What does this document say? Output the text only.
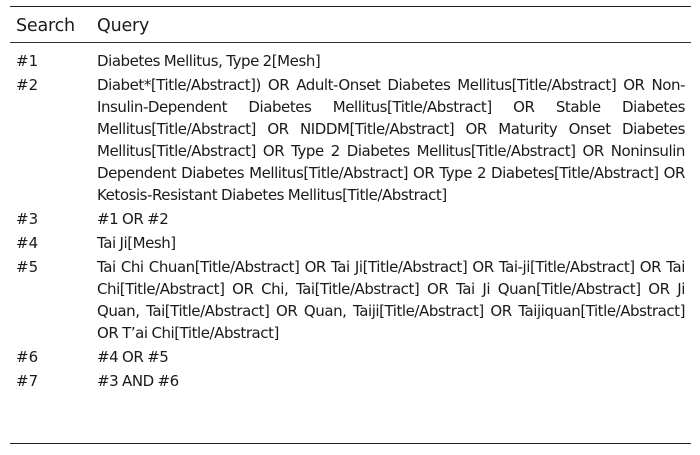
Search Query
#1	Diabetes Mellitus, Type 2[Mesh]
#2	Diabet*[Title/Abstract]) OR Adult-Onset Diabetes Mellitus[Title/Abstract] OR Non-Insulin-Dependent Diabetes Mellitus[Title/Abstract] OR Stable Diabetes Mellitus[Title/Abstract] OR NIDDM[Title/Abstract] OR Maturity Onset Diabetes Mellitus[Title/Abstract] OR Type 2 Diabetes Mellitus[Title/Abstract] OR Noninsulin Dependent Diabetes Mellitus[Title/Abstract] OR Type 2 Diabetes[Title/Abstract] OR Ketosis-Resistant Diabetes Mellitus[Title/Abstract]
#3	#1 OR #2
#4	Tai Ji[Mesh]
#5	Tai Chi Chuan[Title/Abstract] OR Tai Ji[Title/Abstract] OR Tai-ji[Title/Abstract] OR Tai Chi[Title/Abstract] OR Chi, Tai[Title/Abstract] OR Tai Ji Quan[Title/Abstract] OR Ji Quan, Tai[Title/Abstract] OR Quan, Taiji[Title/Abstract] OR Taijiquan[Title/Abstract] OR T’ai Chi[Title/Abstract]
#6	#4 OR #5
#7	#3 AND #6
